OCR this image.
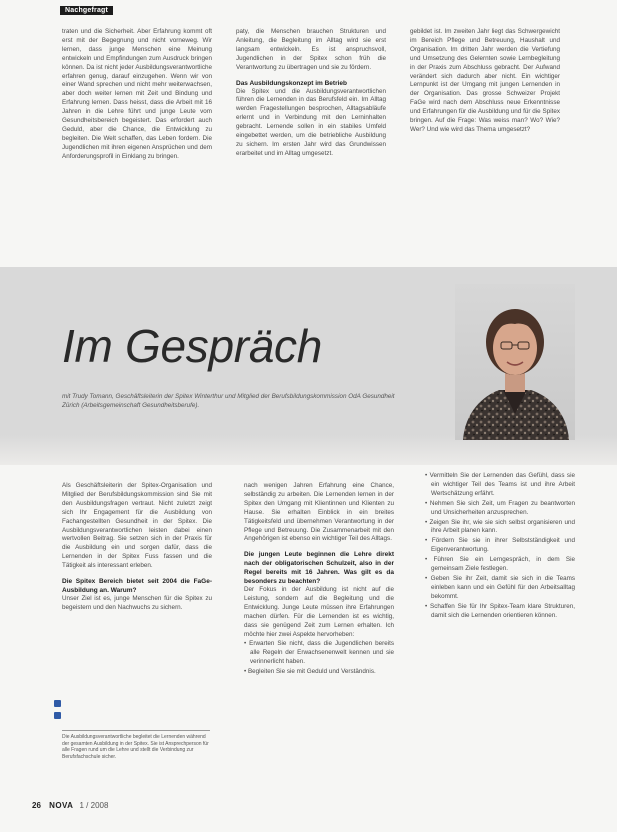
Nachgefragt

traten und die Sicherheit. Aber Erfahrung kommt oft erst mit der Begegnung und nicht vorneweg. Wir lernen, dass junge Menschen eine Meinung entwickeln und Empfindungen zum Ausdruck bringen können. Da ist nicht jeder Ausbildungsverantwortliche erfahren genug, darauf einzugehen. Wenn wir von einer Wand sprechen und nicht mehr weiterwachsen, aber doch weiter lernen mit Zeit und Bindung und Erfahrung lernen. Dass heisst, dass die Arbeit mit 16 Jahren in die Lehre führt und junge Leute vom Gesundheitsbereich begeistert. Das erfordert auch Geduld, aber die Chance, die Entwicklung zu begleiten. Die Welt schaffen, das Leben fordern. Die Jugendlichen mit ihren eigenen Ansprüchen und dem Anforderungsprofil in Einklang zu bringen.

paty, die Menschen brauchen Strukturen und Anleitung, die Begleitung im Alltag wird sie erst langsam entwickeln. Es ist anspruchsvoll, Jugendlichen in der Spitex schon früh die Verantwortung zu übertragen und sie zu fördern.

Das Ausbildungskonzept im Betrieb

Die Spitex und die Ausbildungsverantwortlichen führen die Lernenden in das Berufsfeld ein. Im Alltag werden Fragestellungen besprochen, Alltagsabläufe erlernt und in Verbindung mit den Lerninhalten gebracht. Lernende sollen in ein stabiles Umfeld eingebettet werden, um die betriebliche Ausbildung zu sichern. Im ersten Jahr wird das Grundwissen erarbeitet und im Alltag umgesetzt.

gebildet ist. Im zweiten Jahr liegt das Schwergewicht im Bereich Pflege und Betreuung, Haushalt und Organisation. Im dritten Jahr werden die Vertiefung und Umsetzung des Gelernten sowie Lernbegleitung in der Praxis zum Abschluss gebracht. Der Aufwand verändert sich dadurch aber nicht. Ein wichtiger Lernpunkt ist der Umgang mit jungen Lernenden in der Organisation. Das grosse Schweizer Projekt FaGe wird nach dem Abschluss neue Erkenntnisse und Erfahrungen für die Ausbildung und für die Spitex bringen. Auf die Frage: Was weiss man? Wo? Wie? Wer? Und wie wird das Thema umgesetzt?

Im Gespräch
mit Trudy Tomann, Geschäftsleiterin der Spitex Winterthur und Mitglied der Berufsbildungskommission OdA Gesundheit Zürich (Arbeitsgemeinschaft Gesundheitsberufe).

Als Geschäftsleiterin der Spitex-Organisation und Mitglied der Berufsbildungskommission sind Sie mit den Ausbildungsfragen vertraut. Nicht zuletzt zeigt sich Ihr Engagement für die Ausbildung von Fachangestellten Gesundheit in der Spitex. Die Ausbildungsverantwortlichen leisten dabei einen wertvollen Beitrag. Sie setzen sich in der Praxis für die Ausbildung ein und sorgen dafür, dass die Lernenden in der Spitex Fuss fassen und die Tätigkeit als interessant erleben.

Die Spitex Bereich bietet seit 2004 die FaGe-Ausbildung an. Warum?

Unser Ziel ist es, junge Menschen für die Spitex zu begeistern und den Nachwuchs zu sichern.

nach wenigen Jahren Erfahrung eine Chance, selbständig zu arbeiten. Die Lernenden lernen in der Spitex den Umgang mit Klientinnen und Klienten zu Hause. Sie erhalten Einblick in ein breites Tätigkeitsfeld und übernehmen Verantwortung in der Pflege und Betreuung. Die Zusammenarbeit mit den Angehörigen ist ebenso ein wichtiger Teil des Alltags.

Die jungen Leute beginnen die Lehre direkt nach der obligatorischen Schulzeit, also in der Regel bereits mit 16 Jahren. Was gilt es da besonders zu beachten?

Der Fokus in der Ausbildung ist nicht auf die Leistung, sondern auf die Begleitung und die Entwicklung. Junge Leute müssen ihre Erfahrungen machen dürfen. Für die Lernenden ist es wichtig, dass sie genügend Zeit zum Lernen erhalten. Ich möchte hier zwei Aspekte hervorheben:

• Erwarten Sie nicht, dass die Jugendlichen bereits alle Regeln der Erwachsenenwelt kennen und sie verinnerlicht haben.
• Begleiten Sie sie mit Geduld und Verständnis.
• Vermitteln Sie der Lernenden das Gefühl, dass sie ein wichtiger Teil des Teams ist und ihre Arbeit Wertschätzung erfährt.
• Nehmen Sie sich Zeit, um Fragen zu beantworten und Unsicherheiten anzusprechen.
• Zeigen Sie ihr, wie sie sich selbst organisieren und ihre Arbeit planen kann.
• Fördern Sie sie in ihrer Selbstständigkeit und Eigenverantwortung.
• Führen Sie ein Lerngespräch, in dem Sie gemeinsam Ziele festlegen.
• Geben Sie ihr Zeit, damit sie sich in die Teams einleben kann und ein Gefühl für den Arbeitsalltag bekommt.
• Schaffen Sie für Ihr Spitex-Team klare Strukturen, damit sich die Lernenden orientieren können.
Die Ausbildungsverantwortliche begleitet die Lernenden während der gesamten Ausbildung in der Spitex. Sie ist Ansprechperson für alle Fragen rund um die Lehre und stellt die Verbindung zur Berufsfachschule sicher.
26 NOVA 1 / 2008
